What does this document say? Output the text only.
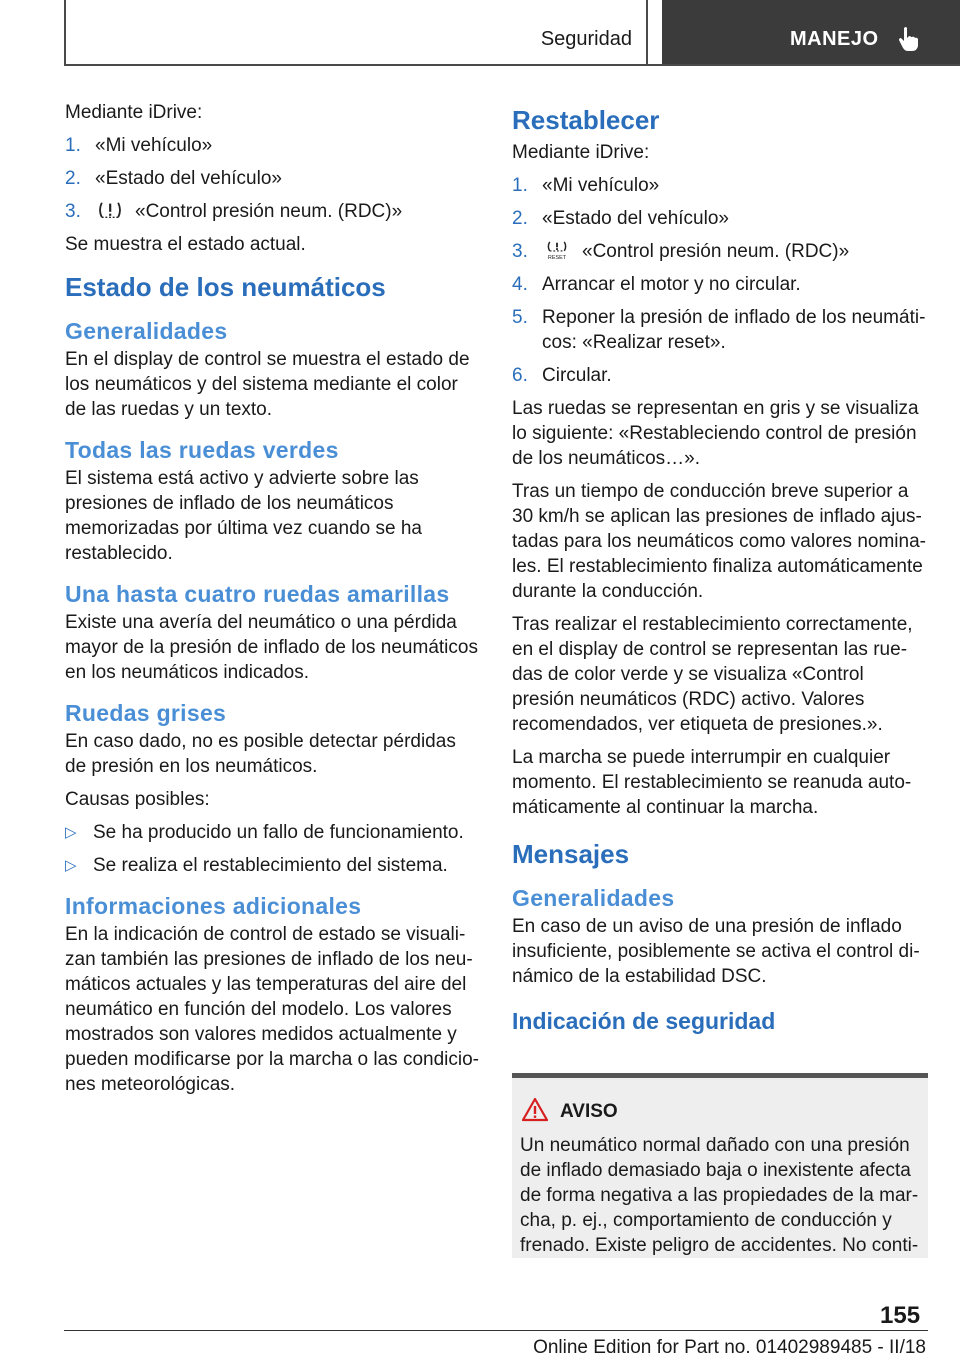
Seguridad	MANEJO

Mediante iDrive:

1. «Mi vehículo»
2. «Estado del vehículo»
3.	«Control presión neum. (RDC)»

Se muestra el estado actual.

Estado de los neumáticos
Generalidades

En el display de control se muestra el estado de los neumáticos y del sistema mediante el color de las ruedas y un texto.

Todas las ruedas verdes

El sistema está activo y advierte sobre las presiones de inflado de los neumáticos memorizadas por última vez cuando se ha restablecido.

Una hasta cuatro ruedas amarillas

Existe una avería del neumático o una pérdida mayor de la presión de inflado de los neumáticos en los neumáticos indicados.

Ruedas grises

En caso dado, no es posible detectar pérdidas de presión en los neumáticos.

Causas posibles:

▷ Se ha producido un fallo de funcionamiento.
▷ Se realiza el restablecimiento del sistema.
Informaciones adicionales

En la indicación de control de estado se visualizan también las presiones de inflado de los neumáticos actuales y las temperaturas del aire del neumático en función del modelo. Los valores mostrados son valores medidos actualmente y pueden modificarse por la marcha o las condiciones meteorológicas.

Restablecer

Mediante iDrive:

1. «Mi vehículo»
2. «Estado del vehículo»
3.	RESET «Control presión neum. (RDC)»
4. Arrancar el motor y no circular.
5. Reponer la presión de inflado de los neumáticos: «Realizar reset».
6. Circular.

Las ruedas se representan en gris y se visualiza lo siguiente: «Restableciendo control de presión de los neumáticos…».

Tras un tiempo de conducción breve superior a 30 km/h se aplican las presiones de inflado ajustadas para los neumáticos como valores nominales. El restablecimiento finaliza automáticamente durante la conducción.

Tras realizar el restablecimiento correctamente, en el display de control se representan las ruedas de color verde y se visualiza «Control presión neumáticos (RDC) activo. Valores recomendados, ver etiqueta de presiones.».

La marcha se puede interrumpir en cualquier momento. El restablecimiento se reanuda automáticamente al continuar la marcha.

Mensajes
Generalidades

En caso de un aviso de una presión de inflado insuficiente, posiblemente se activa el control dinámico de la estabilidad DSC.

Indicación de seguridad
AVISO

Un neumático normal dañado con una presión de inflado demasiado baja o inexistente afecta de forma negativa a las propiedades de la marcha, p. ej., comportamiento de conducción y frenado. Existe peligro de accidentes. No conti-

155
Online Edition for Part no. 01402989485 - II/18
